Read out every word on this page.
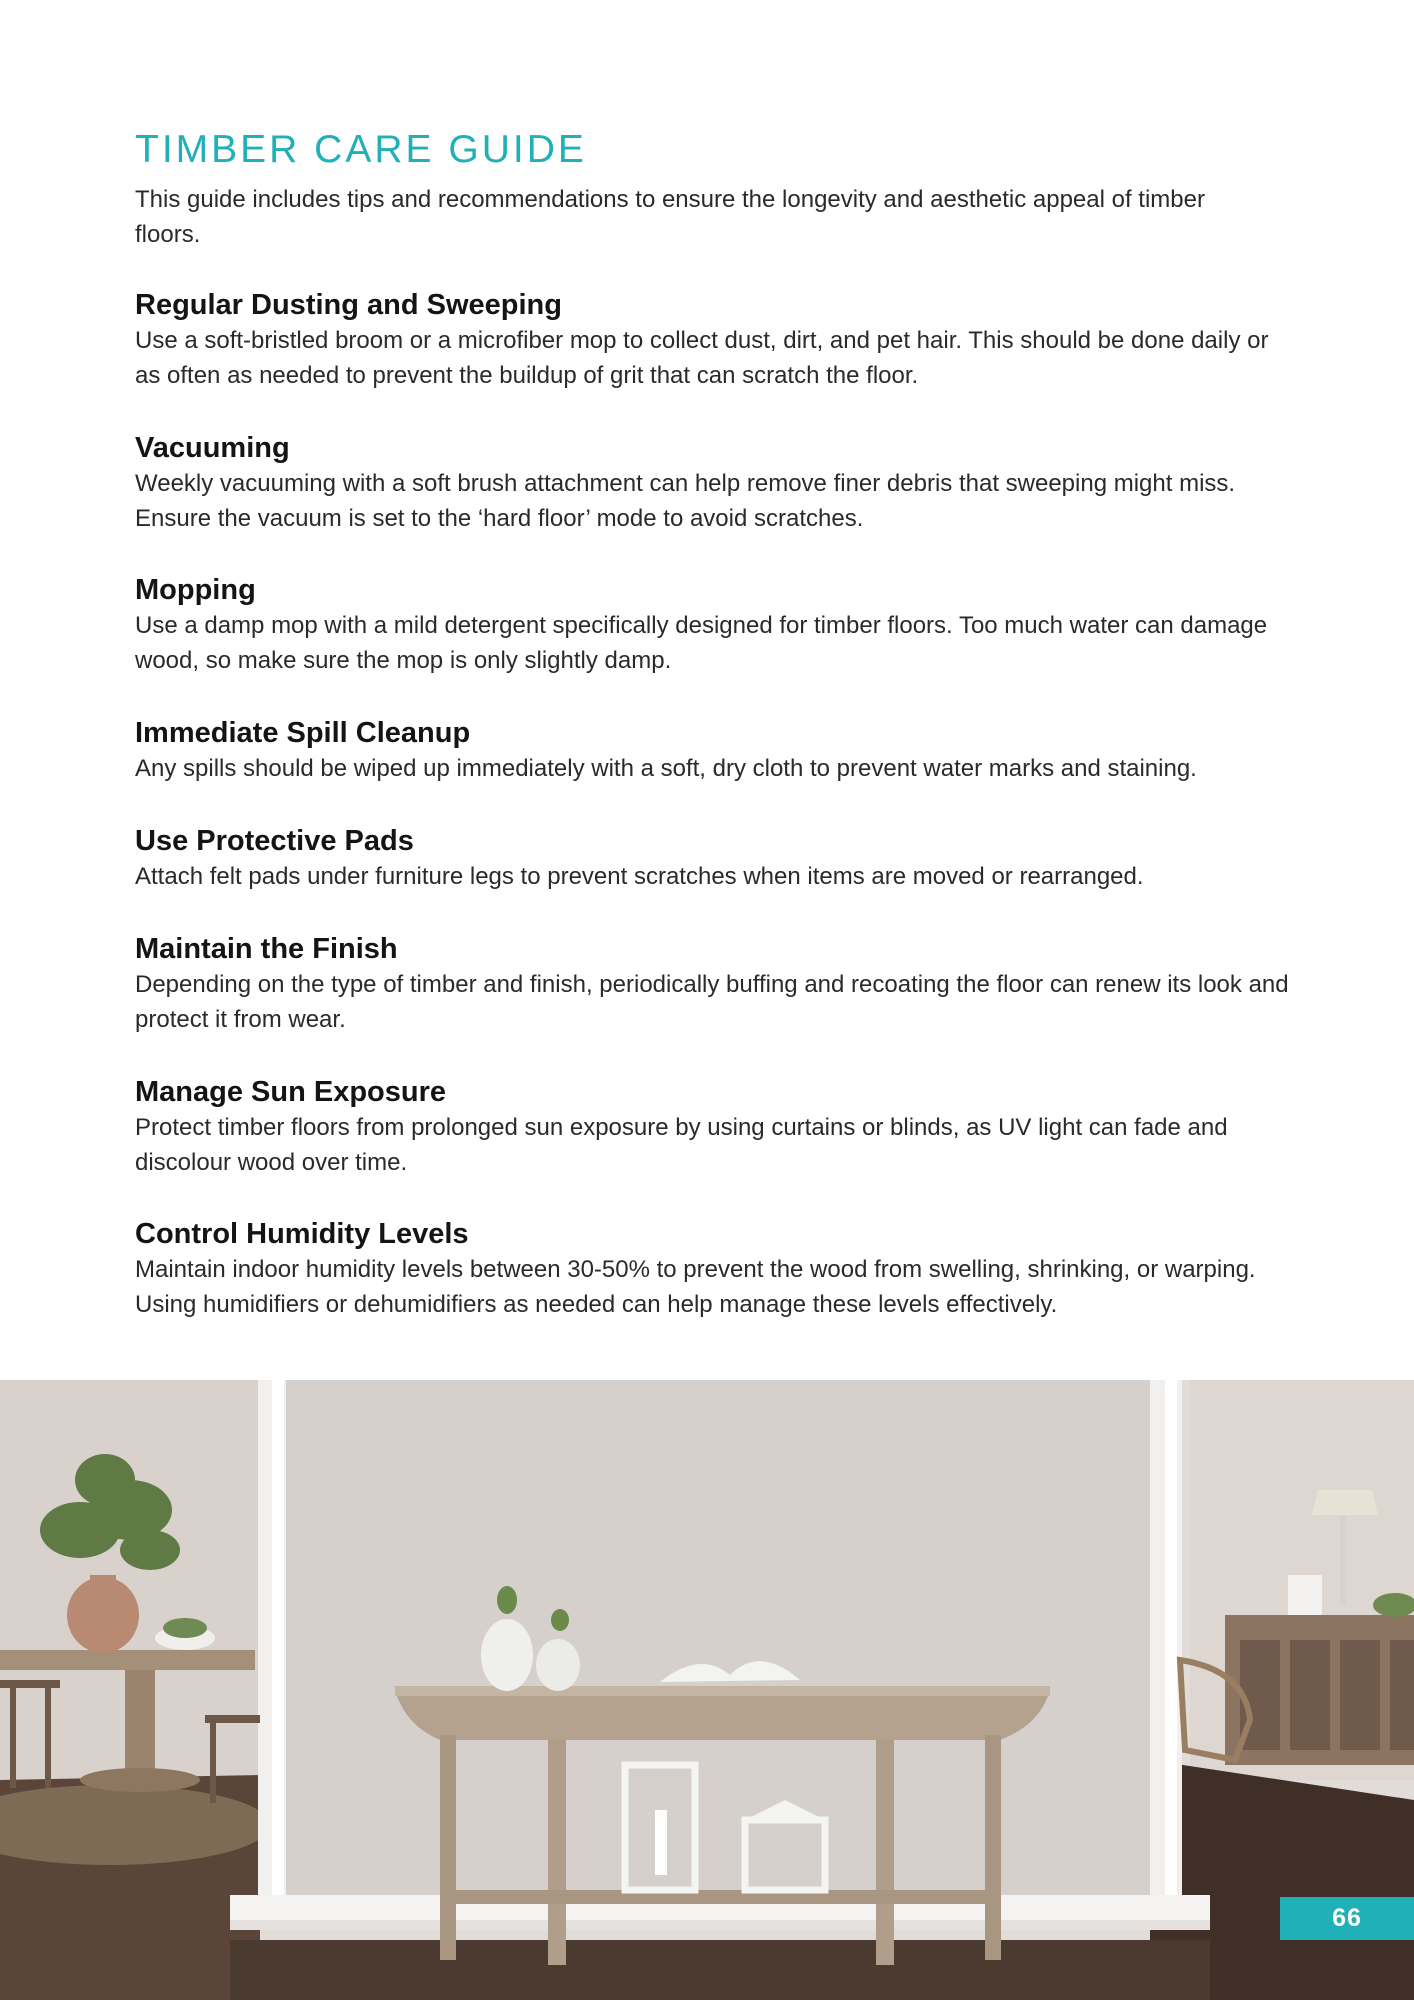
TIMBER CARE GUIDE

This guide includes tips and recommendations to ensure the longevity and aesthetic appeal of timber floors.

Regular Dusting and Sweeping

Use a soft-bristled broom or a microfiber mop to collect dust, dirt, and pet hair. This should be done daily or as often as needed to prevent the buildup of grit that can scratch the floor.

Vacuuming

Weekly vacuuming with a soft brush attachment can help remove finer debris that sweeping might miss. Ensure the vacuum is set to the ‘hard floor’ mode to avoid scratches.

Mopping

Use a damp mop with a mild detergent specifically designed for timber floors. Too much water can damage wood, so make sure the mop is only slightly damp.

Immediate Spill Cleanup

Any spills should be wiped up immediately with a soft, dry cloth to prevent water marks and staining.

Use Protective Pads

Attach felt pads under furniture legs to prevent scratches when items are moved or rearranged.

Maintain the Finish

Depending on the type of timber and finish, periodically buffing and recoating the floor can renew its look and protect it from wear.

Manage Sun Exposure

Protect timber floors from prolonged sun exposure by using curtains or blinds, as UV light can fade and discolour wood over time.

Control Humidity Levels

Maintain indoor humidity levels between 30-50% to prevent the wood from swelling, shrinking, or warping. Using humidifiers or dehumidifiers as needed can help manage these levels effectively.

66
